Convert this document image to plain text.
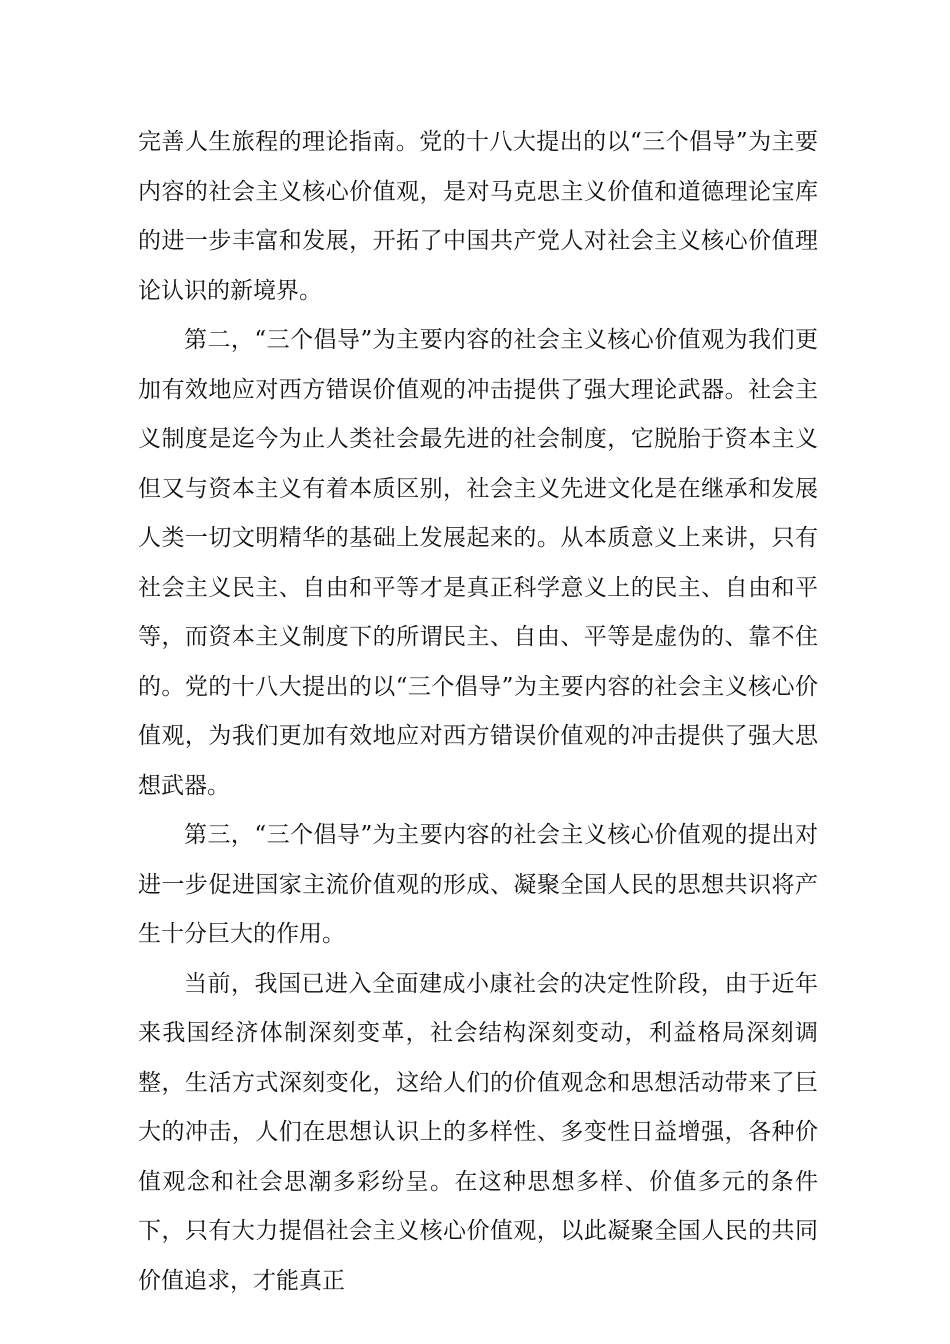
完善人生旅程的理论指南。党的十八大提出的以“三个倡导”为主要内容的社会主义核心价值观，是对马克思主义价值和道德理论宝库的进一步丰富和发展，开拓了中国共产党人对社会主义核心价值理论认识的新境界。

第二，“三个倡导”为主要内容的社会主义核心价值观为我们更加有效地应对西方错误价值观的冲击提供了强大理论武器。社会主义制度是迄今为止人类社会最先进的社会制度，它脱胎于资本主义但又与资本主义有着本质区别，社会主义先进文化是在继承和发展人类一切文明精华的基础上发展起来的。从本质意义上来讲，只有社会主义民主、自由和平等才是真正科学意义上的民主、自由和平等，而资本主义制度下的所谓民主、自由、平等是虚伪的、靠不住的。党的十八大提出的以“三个倡导”为主要内容的社会主义核心价值观，为我们更加有效地应对西方错误价值观的冲击提供了强大思想武器。

第三，“三个倡导”为主要内容的社会主义核心价值观的提出对进一步促进国家主流价值观的形成、凝聚全国人民的思想共识将产生十分巨大的作用。

当前，我国已进入全面建成小康社会的决定性阶段，由于近年来我国经济体制深刻变革，社会结构深刻变动，利益格局深刻调整，生活方式深刻变化，这给人们的价值观念和思想活动带来了巨大的冲击，人们在思想认识上的多样性、多变性日益增强，各种价值观念和社会思潮多彩纷呈。在这种思想多样、价值多元的条件下，只有大力提倡社会主义核心价值观，以此凝聚全国人民的共同价值追求，才能真正
